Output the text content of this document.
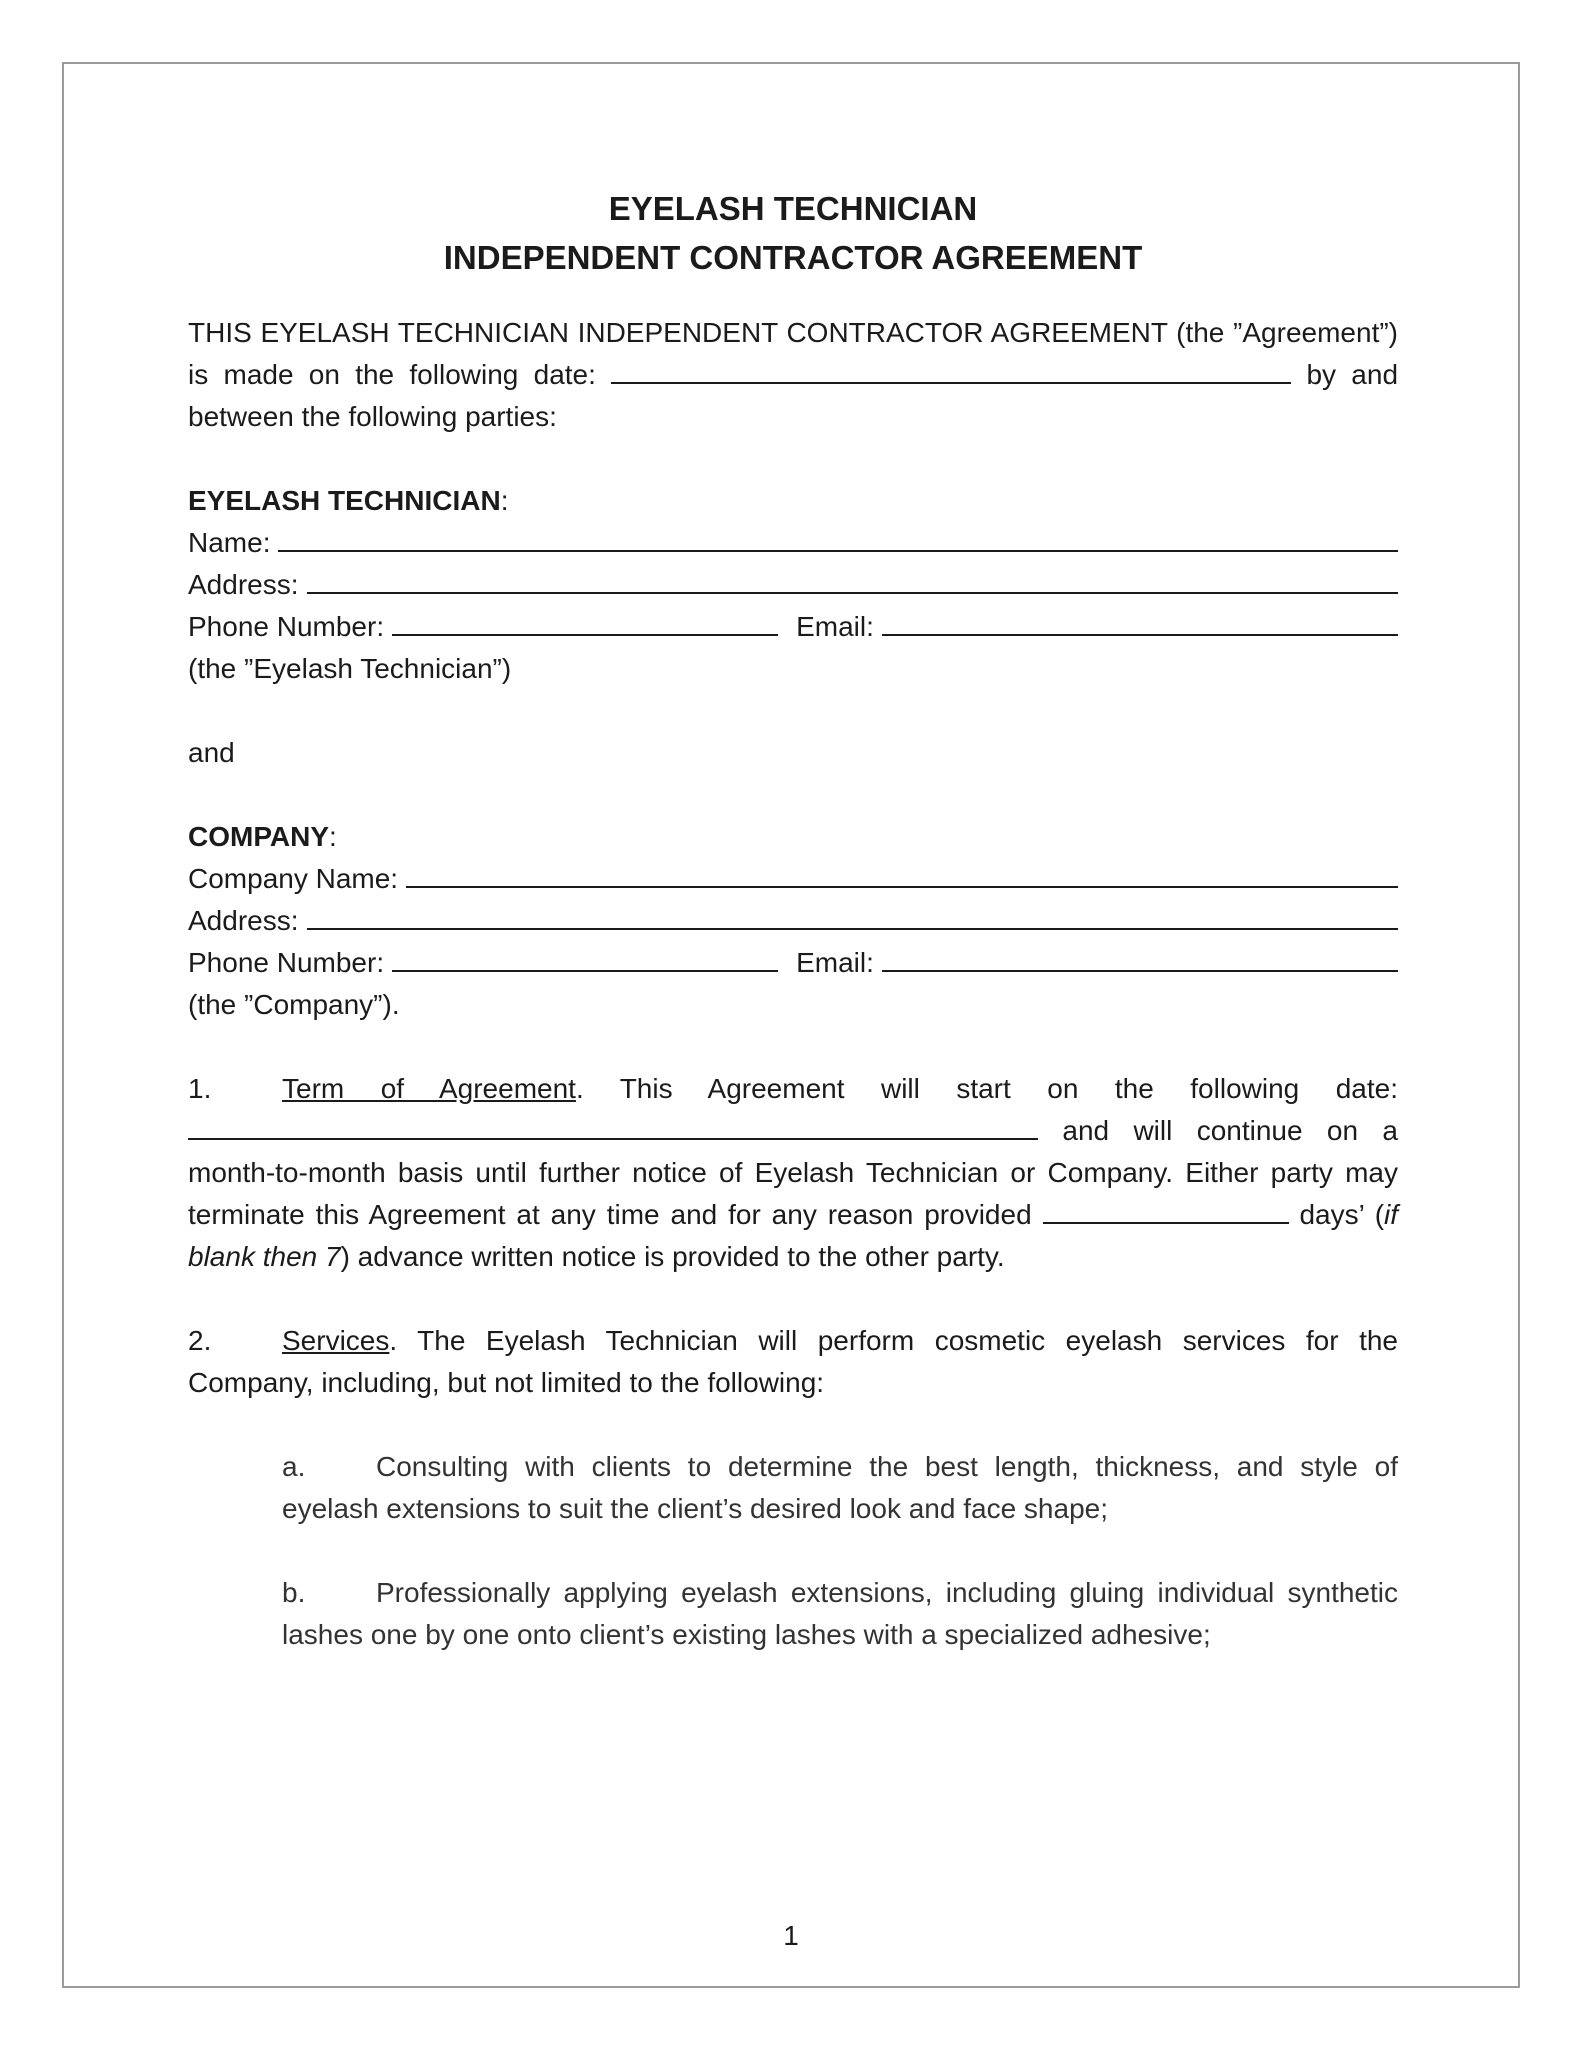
EYELASH TECHNICIAN
INDEPENDENT CONTRACTOR AGREEMENT
THIS EYELASH TECHNICIAN INDEPENDENT CONTRACTOR AGREEMENT (the ”Agreement”) is made on the following date:	by and between the following parties:
EYELASH TECHNICIAN:
Name:
Address:
Phone Number:	Email:
(the ”Eyelash Technician”)
and
COMPANY:
Company Name:
Address:
Phone Number:	Email:
(the ”Company”).
1.	Term of Agreement. This Agreement will start on the following date:  and will continue on a month-to-month basis until further notice of Eyelash Technician or Company. Either party may terminate this Agreement at any time and for any reason provided	days’ (if blank then 7) advance written notice is provided to the other party.
2.	Services. The Eyelash Technician will perform cosmetic eyelash services for the Company, including, but not limited to the following:
a.	Consulting with clients to determine the best length, thickness, and style of eyelash extensions to suit the client’s desired look and face shape;
b.	Professionally applying eyelash extensions, including gluing individual synthetic lashes one by one onto client’s existing lashes with a specialized adhesive;
1
